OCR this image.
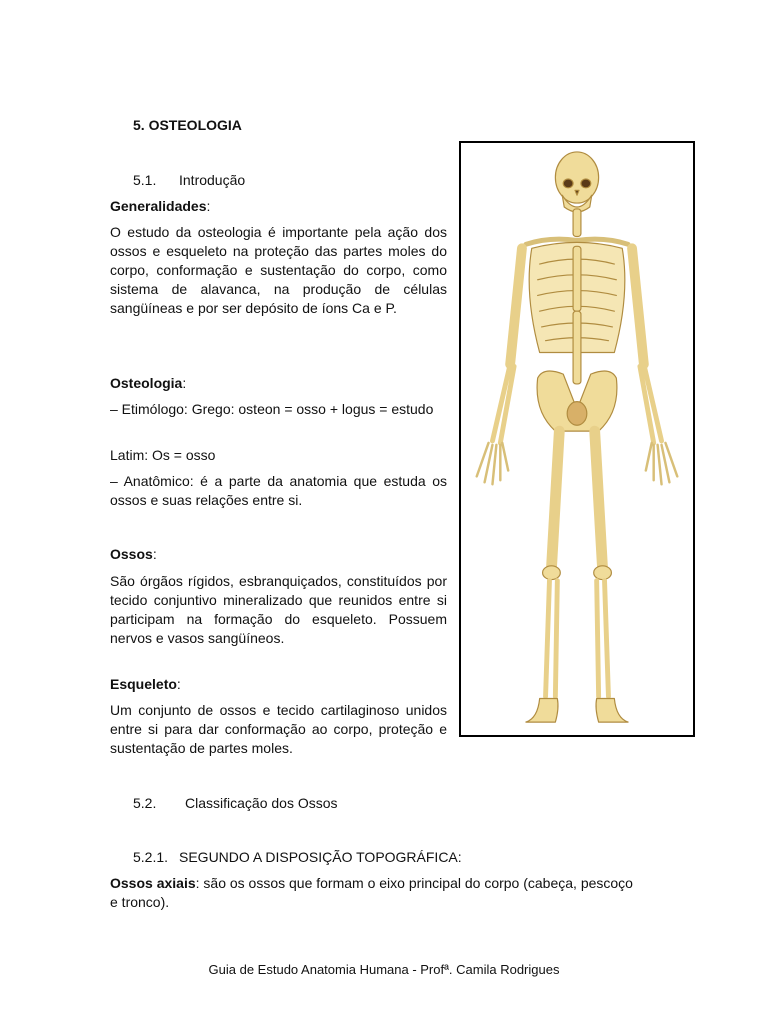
5. OSTEOLOGIA
5.1. Introdução
Generalidades:

O estudo da osteologia é importante pela ação dos ossos e esqueleto na proteção das partes moles do corpo, conformação e sustentação do corpo, como sistema de alavanca, na produção de células sangüíneas e por ser depósito de íons Ca e P.

Osteologia:

– Etimólogo: Grego: osteon = osso + logus = estudo

Latim: Os = osso

– Anatômico: é a parte da anatomia que estuda os ossos e suas relações entre si.

Ossos:

São órgãos rígidos, esbranquiçados, constituídos por tecido conjuntivo mineralizado que reunidos entre si participam na formação do esqueleto. Possuem nervos e vasos sangüíneos.

Esqueleto:

Um conjunto de ossos e tecido cartilaginoso unidos entre si para dar conformação ao corpo, proteção e sustentação de partes moles.

5.2. Classificação dos Ossos
5.2.1. SEGUNDO A DISPOSIÇÃO TOPOGRÁFICA:

Ossos axiais: são os ossos que formam o eixo principal do corpo (cabeça, pescoço e tronco).

Guia de Estudo Anatomia Humana - Profª. Camila Rodrigues
